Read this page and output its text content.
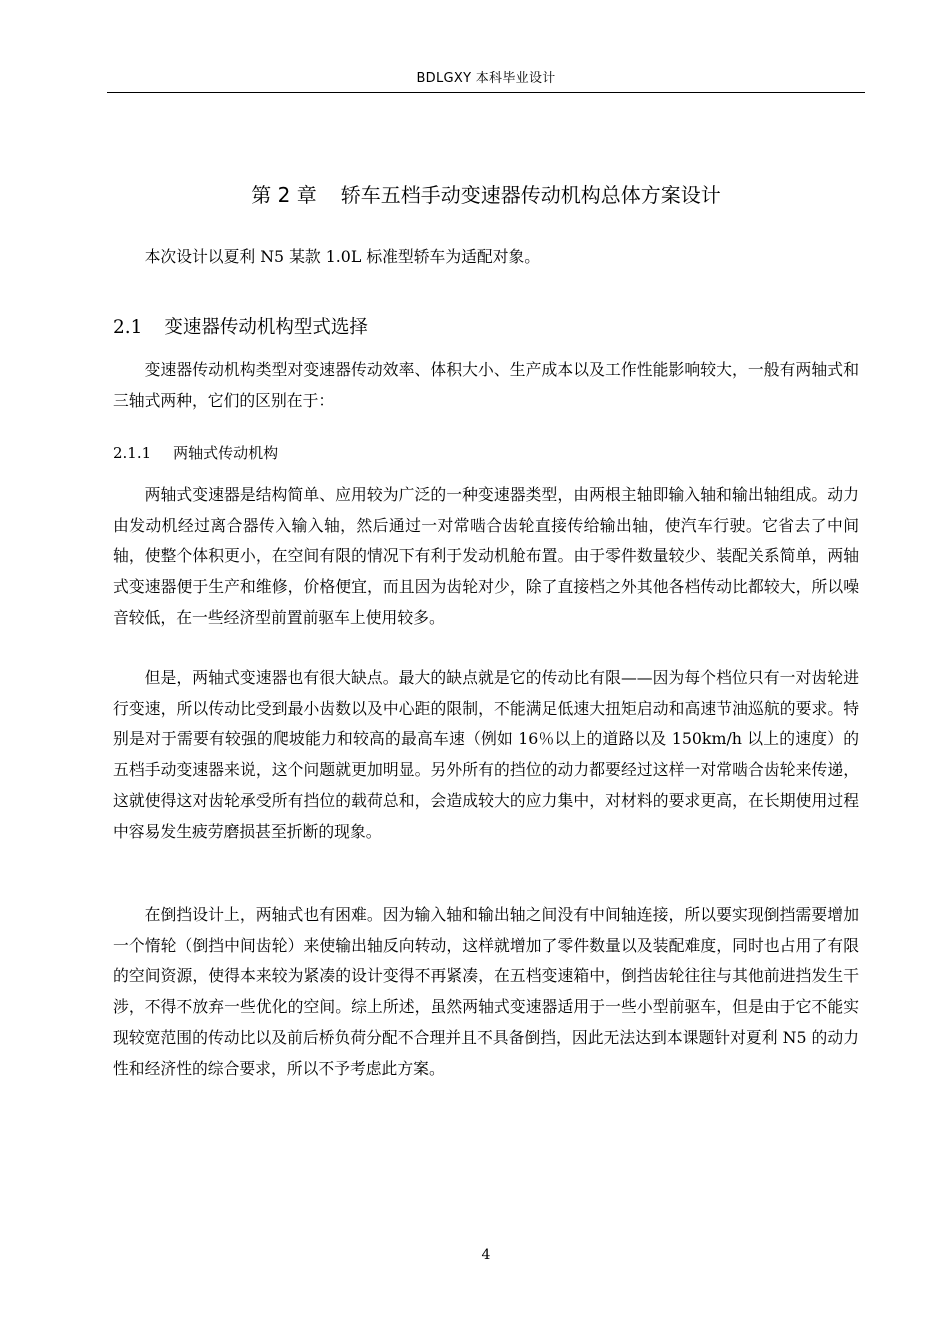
BDLGXY 本科毕业设计
第 2 章 轿车五档手动变速器传动机构总体方案设计

本次设计以夏利 N5 某款 1.0L 标准型轿车为适配对象。

2.1 变速器传动机构型式选择

变速器传动机构类型对变速器传动效率、体积大小、生产成本以及工作性能影响较大，一般有两轴式和三轴式两种，它们的区别在于：

2.1.1 两轴式传动机构

两轴式变速器是结构简单、应用较为广泛的一种变速器类型，由两根主轴即输入轴和输出轴组成。动力由发动机经过离合器传入输入轴，然后通过一对常啮合齿轮直接传给输出轴，使汽车行驶。它省去了中间轴，使整个体积更小，在空间有限的情况下有利于发动机舱布置。由于零件数量较少、装配关系简单，两轴式变速器便于生产和维修，价格便宜，而且因为齿轮对少，除了直接档之外其他各档传动比都较大，所以噪音较低，在一些经济型前置前驱车上使用较多。

但是，两轴式变速器也有很大缺点。最大的缺点就是它的传动比有限——因为每个档位只有一对齿轮进行变速，所以传动比受到最小齿数以及中心距的限制，不能满足低速大扭矩启动和高速节油巡航的要求。特别是对于需要有较强的爬坡能力和较高的最高车速（例如 16％以上的道路以及 150km/h 以上的速度）的五档手动变速器来说，这个问题就更加明显。另外所有的挡位的动力都要经过这样一对常啮合齿轮来传递，这就使得这对齿轮承受所有挡位的载荷总和，会造成较大的应力集中，对材料的要求更高，在长期使用过程中容易发生疲劳磨损甚至折断的现象。

在倒挡设计上，两轴式也有困难。因为输入轴和输出轴之间没有中间轴连接，所以要实现倒挡需要增加一个惰轮（倒挡中间齿轮）来使输出轴反向转动，这样就增加了零件数量以及装配难度，同时也占用了有限的空间资源，使得本来较为紧凑的设计变得不再紧凑，在五档变速箱中，倒挡齿轮往往与其他前进挡发生干涉，不得不放弃一些优化的空间。综上所述，虽然两轴式变速器适用于一些小型前驱车，但是由于它不能实现较宽范围的传动比以及前后桥负荷分配不合理并且不具备倒挡，因此无法达到本课题针对夏利 N5 的动力性和经济性的综合要求，所以不予考虑此方案。

4
